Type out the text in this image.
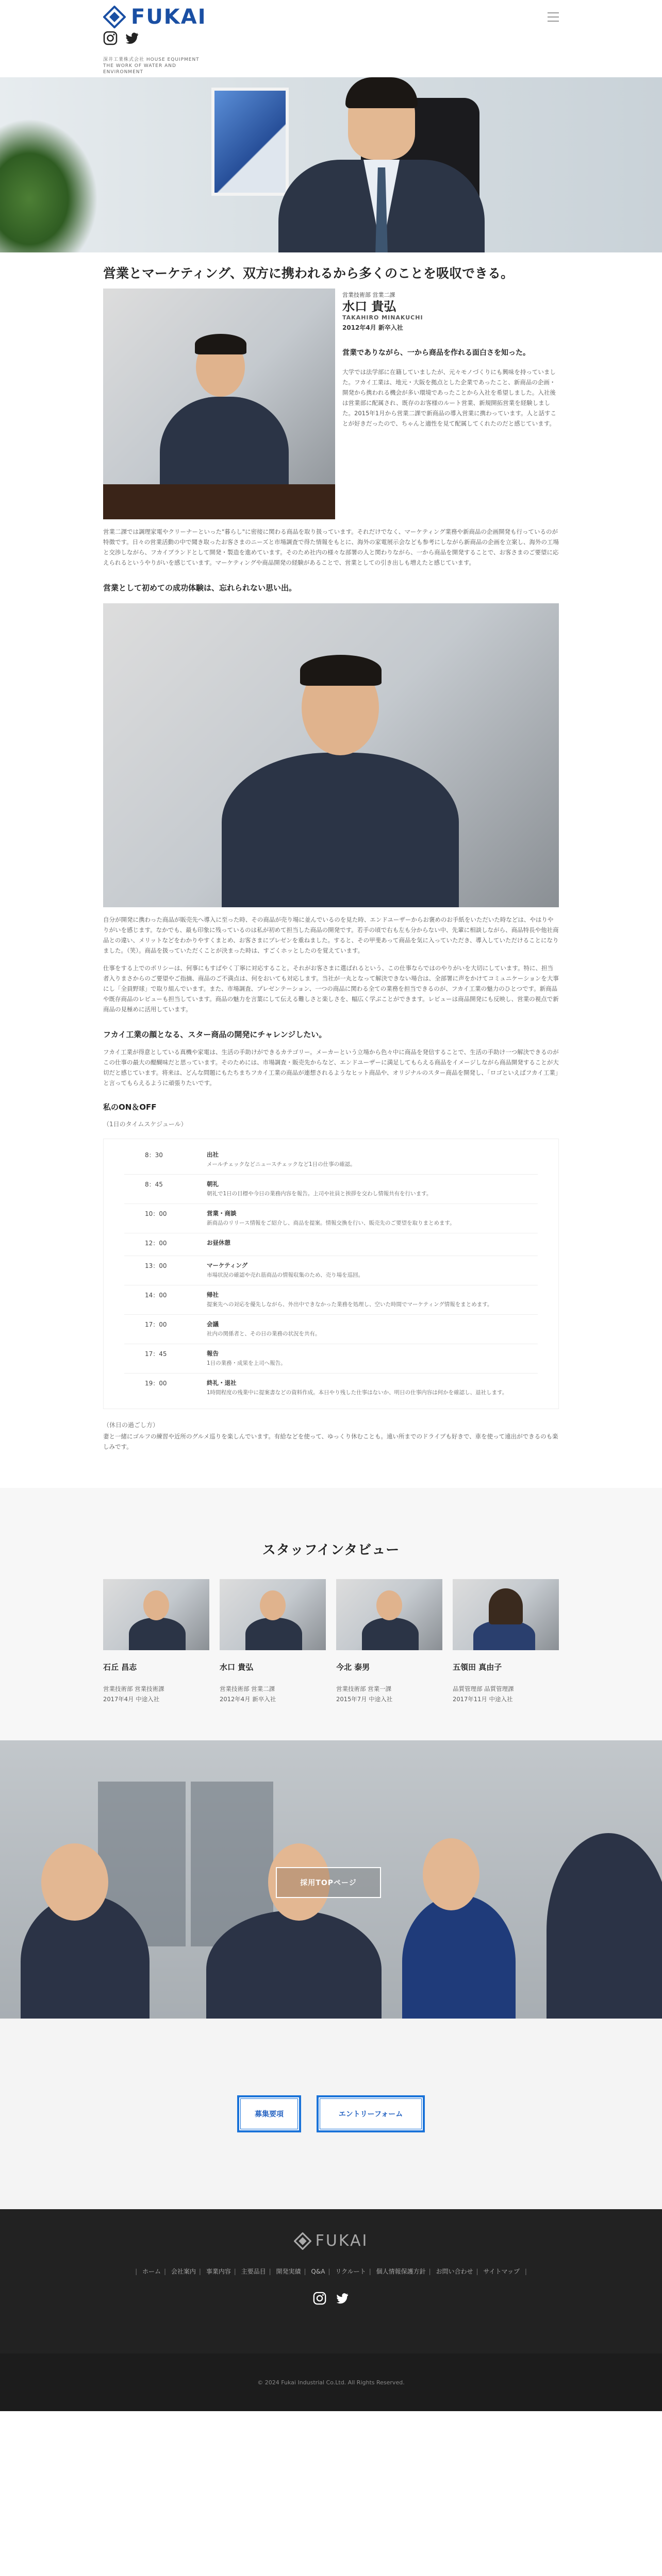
FUKAI
深井工業株式会社 HOUSE EQUIPMENT THE WORK OF WATER AND ENVIRONMENT
営業とマーケティング、双方に携われるから多くのことを吸収できる。
営業技術部 営業二課
水口 貴弘
TAKAHIRO MINAKUCHI
2012年4月 新卒入社
営業でありながら、一から商品を作れる面白さを知った。

大学では法学部に在籍していましたが、元々モノづくりにも興味を持っていました。フカイ工業は、地元・大阪を拠点とした企業であったこと、新商品の企画・開発から携われる機会が多い環境であったことから入社を希望しました。入社後は営業部に配属され、既存のお客様のルート営業、新規開拓営業を経験しました。2015年1月から営業二課で新商品の導入営業に携わっています。人と話すことが好きだったので、ちゃんと適性を見て配属してくれたのだと感じています。

営業二課では調理家電やクリーナーといった"暮らし"に密接に関わる商品を取り扱っています。それだけでなく、マーケティング業務や新商品の企画開発も行っているのが特徴です。日々の営業活動の中で聞き取ったお客さまのニーズと市場調査で得た情報をもとに、海外の家電展示会なども参考にしながら新商品の企画を立案し、海外の工場と交渉しながら、フカイブランドとして開発・製造を進めています。そのため社内の様々な部署の人と関わりながら、一から商品を開発することで、お客さまのご要望に応えられるというやりがいを感じています。マーケティングや商品開発の経験があることで、営業としての引き出しも増えたと感じています。

営業として初めての成功体験は、忘れられない思い出。

自分が開発に携わった商品が販売先へ導入に至った時、その商品が売り場に並んでいるのを見た時、エンドユーザーからお褒めのお手紙をいただいた時などは、やはりやりがいを感じます。なかでも、最も印象に残っているのは私が初めて担当した商品の開発です。若手の頃で右も左も分からない中、先輩に相談しながら、商品特長や他社商品との違い、メリットなどをわかりやすくまとめ、お客さまにプレゼンを重ねました。すると、その甲斐あって商品を気に入っていただき、導入していただけることになりました。（笑）。商品を扱っていただくことが決まった時は、すごくホッとしたのを覚えています。

仕事をする上でのポリシーは、何事にもすばやく丁寧に対応すること。それがお客さまに選ばれるという、この仕事ならではのやりがいを大切にしています。特に、担当者入りまさからのご要望やご指摘、商品のご不満点は、何をおいても対応します。当社が一丸となって解決できない場合は、全部署に声をかけてコミュニケーションを大事にし「全員野球」で取り組んでいます。また、市場調査、プレゼンテーション、一つの商品に関わる全ての業務を担当できるのが、フカイ工業の魅力のひとつです。新商品や既存商品のレビューも担当しています。商品の魅力を言葉にして伝える難しさと楽しさを、幅広く学ぶことができます。レビューは商品開発にも反映し、営業の視点で新商品の見極めに活用しています。

フカイ工業の顔となる、スター商品の開発にチャレンジしたい。

フカイ工業が得意としている真機や家電は、生活の手助けができるカテゴリー。メーカーという立場から色々中に商品を発信することで、生活の手助け一つ解決できるのがこの仕事の最大の醍醐味だと思っています。そのためには、市場調査・販売先からなど、エンドユーザーに満足してもらえる商品をイメージしながら商品開発することが大切だと感じています。将来は、どんな問題にもたちまちフカイ工業の商品が連想されるようなヒット商品や、オリジナルのスター商品を開発し、「ロゴといえばフカイ工業」と言ってもらえるように頑張りたいです。

私のON＆OFF
（1日のタイムスケジュール）
8：30	出社
メールチェックなどニュースチェックなど1日の仕事の確認。
8：45	朝礼
朝礼で1日の目標や今日の業務内容を報告。上司や社員と挨拶を交わし情報共有を行います。
10：00	営業・商談
新商品のリリース情報をご紹介し、商品を提案。情報交換を行い、販売先のご要望を取りまとめます。
12：00	お昼休憩
13：00	マーケティング
市場状況の確認や売れ筋商品の情報収集のため、売り場を巡回。
14：00	帰社
提案先への対応を優先しながら、外出中できなかった業務を処理し、空いた時間でマーケティング情報をまとめます。
17：00	会議
社内の関係者と、その日の業務の状況を共有。
17：45	報告
1日の業務・成果を上司へ報告。
19：00	終礼・退社
1時間程度の残業中に提案書などの資料作成。本日やり残した仕事はないか、明日の仕事内容は何かを確認し、退社します。
（休日の過ごし方）

妻と一緒にゴルフの練習や近所のグルメ巡りを楽しんでいます。有給などを使って、ゆっくり休むことも。遠い所までのドライブも好きで、車を使って遠出ができるのも楽しみです。

スタッフインタビュー
石丘 昌志
営業技術部 営業技術課
2017年4月 中途入社
水口 貴弘
営業技術部 営業二課
2012年4月 新卒入社
今北 泰男
営業技術部 営業一課
2015年7月 中途入社
五領田 真由子
品質管理部 品質管理課
2017年11月 中途入社
採用TOPページ
募集要項	エントリーフォーム
FUKAI
| ホーム | 会社案内 | 事業内容 | 主要品目 | 開発実績 | Q&A | リクルート | 個人情報保護方針 | お問い合わせ | サイトマップ |
© 2024 Fukai Industrial Co.Ltd. All Rights Reserved.
